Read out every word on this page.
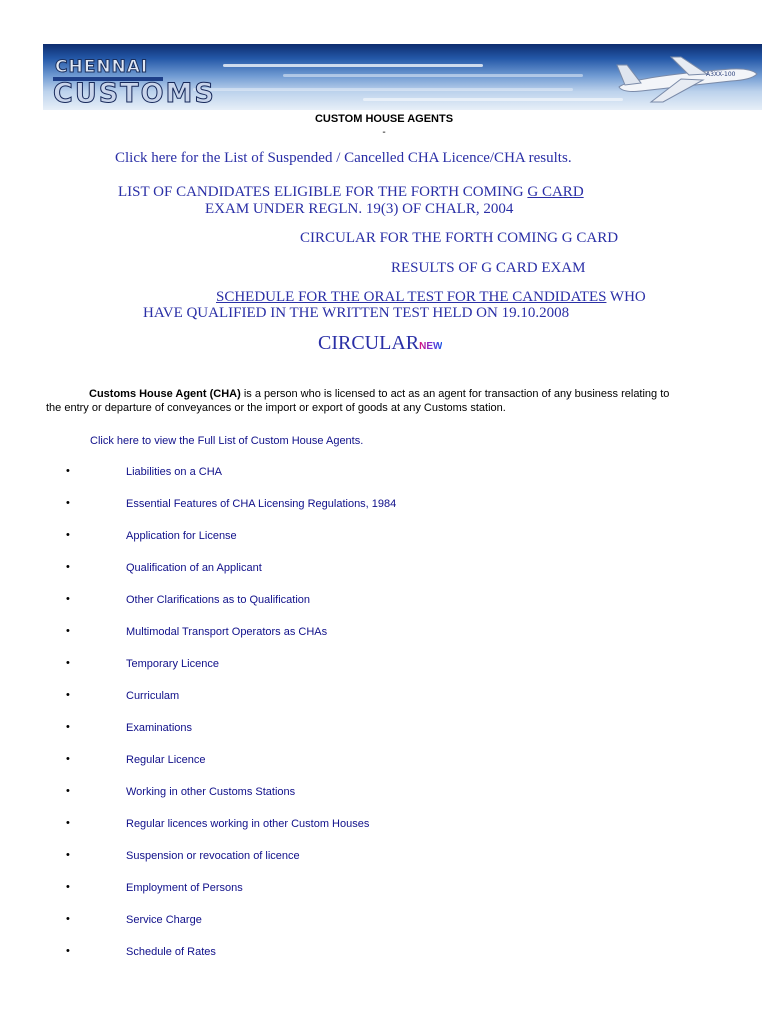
CHENNAI
CUSTOMS
A3XX-100
CUSTOM HOUSE AGENTS
-
Click here for the List of Suspended / Cancelled CHA Licence/CHA results.
LIST OF CANDIDATES ELIGIBLE FOR THE FORTH COMING G CARD
EXAM UNDER REGLN. 19(3) OF CHALR, 2004
CIRCULAR FOR THE FORTH COMING G CARD
RESULTS OF G CARD EXAM
SCHEDULE FOR THE ORAL TEST FOR THE CANDIDATES WHO
HAVE QUALIFIED IN THE WRITTEN TEST HELD ON 19.10.2008
CIRCULARNEW
Customs House Agent (CHA) is a person who is licensed to act as an agent for transaction of any business relating to
the entry or departure of conveyances or the import or export of goods at any Customs station.
Click here to view the Full List of Custom House Agents.
•	Liabilities on a CHA
•	Essential Features of CHA Licensing Regulations, 1984
•	Application for License
•	Qualification of an Applicant
•	Other Clarifications as to Qualification
•	Multimodal Transport Operators as CHAs
•	Temporary Licence
•	Curriculam
•	Examinations
•	Regular Licence
•	Working in other Customs Stations
•	Regular licences working in other Custom Houses
•	Suspension or revocation of licence
•	Employment of Persons
•	Service Charge
•	Schedule of Rates
